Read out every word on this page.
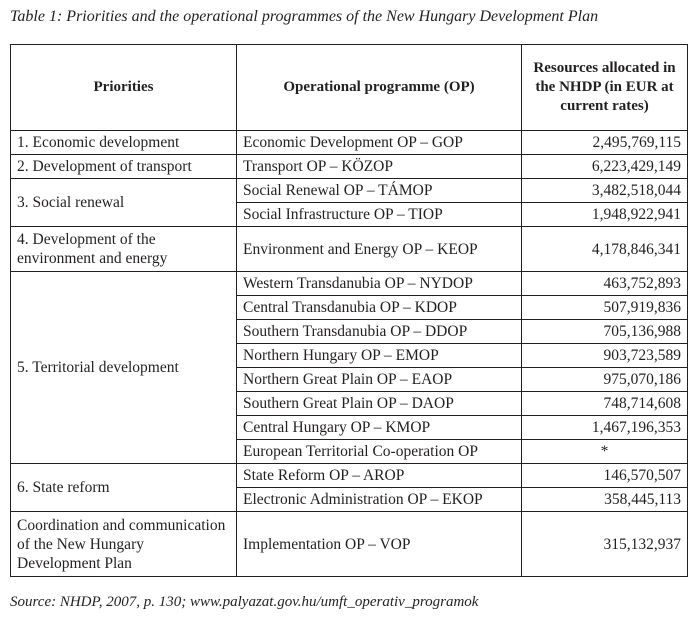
Table 1: Priorities and the operational programmes of the New Hungary Development Plan
Priorities	Operational programme (OP)	Resources allocated in the NHDP (in EUR at current rates)
1. Economic development	Economic Development OP – GOP	2,495,769,115
2. Development of transport	Transport OP – KÖZOP	6,223,429,149
3. Social renewal	Social Renewal OP – TÁMOP	3,482,518,044
	Social Infrastructure OP – TIOP	1,948,922,941
4. Development of the environment and energy	Environment and Energy OP – KEOP	4,178,846,341
5. Territorial development	Western Transdanubia OP – NYDOP	463,752,893
	Central Transdanubia OP – KDOP	507,919,836
	Southern Transdanubia OP – DDOP	705,136,988
	Northern Hungary OP – EMOP	903,723,589
	Northern Great Plain OP – EAOP	975,070,186
	Southern Great Plain OP – DAOP	748,714,608
	Central Hungary OP – KMOP	1,467,196,353
	European Territorial Co-operation OP	*
6. State reform	State Reform OP – AROP	146,570,507
	Electronic Administration OP – EKOP	358,445,113
Coordination and communication of the New Hungary Development Plan	Implementation OP – VOP	315,132,937
Source: NHDP, 2007, p. 130; www.palyazat.gov.hu/umft_operativ_programok
